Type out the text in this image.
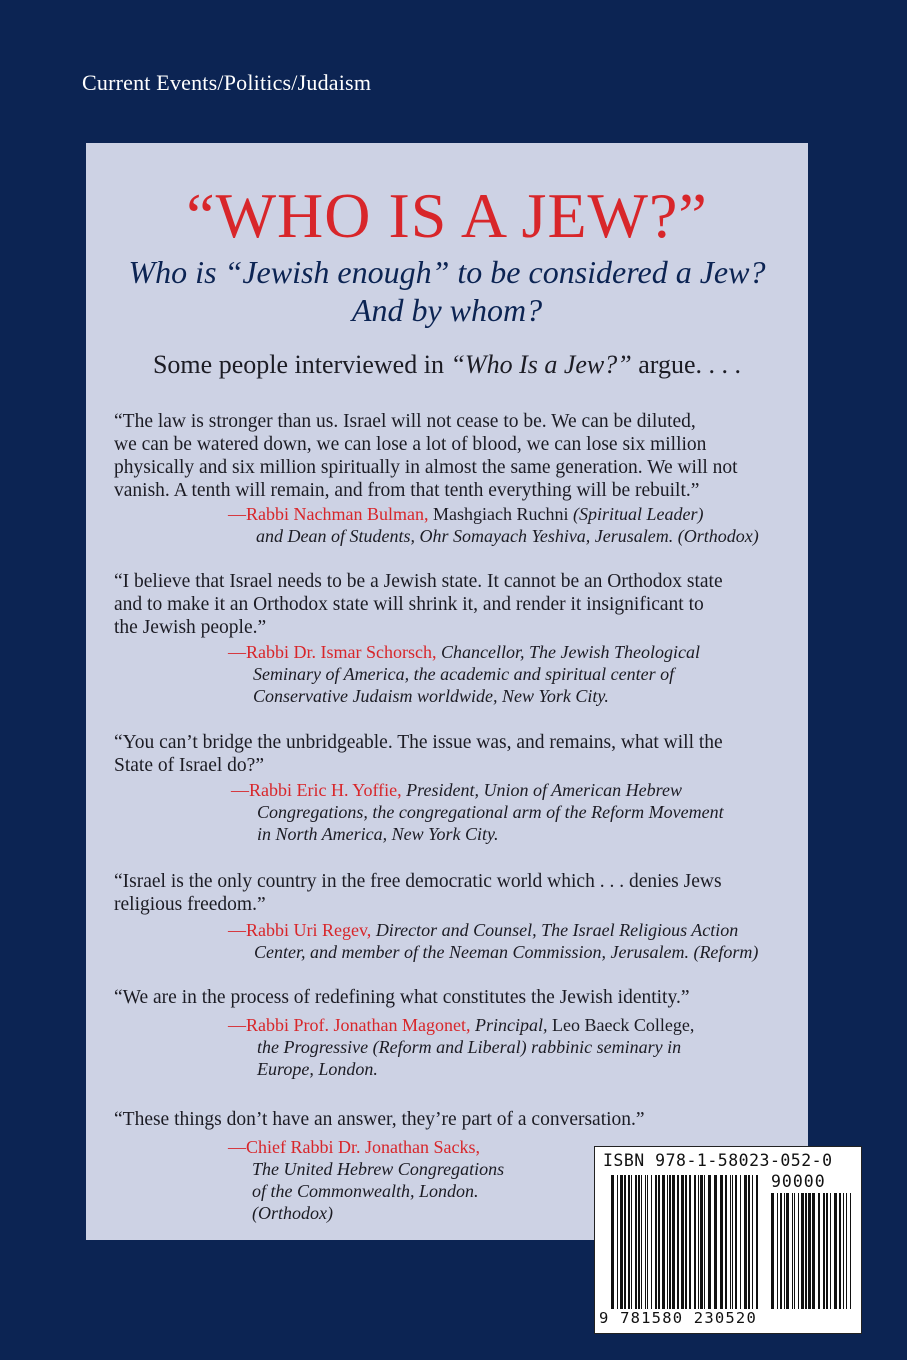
Current Events/Politics/Judaism
“WHO IS A JEW?”
Who is “Jewish enough” to be considered a Jew?
And by whom?
Some people interviewed in “Who Is a Jew?” argue. . . .
“The law is stronger than us. Israel will not cease to be. We can be diluted,
we can be watered down, we can lose a lot of blood, we can lose six million
physically and six million spiritually in almost the same generation. We will not
vanish. A tenth will remain, and from that tenth everything will be rebuilt.”
—Rabbi Nachman Bulman, Mashgiach Ruchni (Spiritual Leader)
and Dean of Students, Ohr Somayach Yeshiva, Jerusalem. (Orthodox)
“I believe that Israel needs to be a Jewish state. It cannot be an Orthodox state
and to make it an Orthodox state will shrink it, and render it insignificant to
the Jewish people.”
—Rabbi Dr. Ismar Schorsch, Chancellor, The Jewish Theological
Seminary of America, the academic and spiritual center of
Conservative Judaism worldwide, New York City.
“You can’t bridge the unbridgeable. The issue was, and remains, what will the
State of Israel do?”
—Rabbi Eric H. Yoffie, President, Union of American Hebrew
Congregations, the congregational arm of the Reform Movement
in North America, New York City.
“Israel is the only country in the free democratic world which . . . denies Jews
religious freedom.”
—Rabbi Uri Regev, Director and Counsel, The Israel Religious Action
Center, and member of the Neeman Commission, Jerusalem. (Reform)
“We are in the process of redefining what constitutes the Jewish identity.”
—Rabbi Prof. Jonathan Magonet, Principal, Leo Baeck College,
the Progressive (Reform and Liberal) rabbinic seminary in
Europe, London.
“These things don’t have an answer, they’re part of a conversation.”
—Chief Rabbi Dr. Jonathan Sacks,
The United Hebrew Congregations
of the Commonwealth, London.
(Orthodox)
ISBN 978-1-58023-052-0
90000
9 781580 230520
